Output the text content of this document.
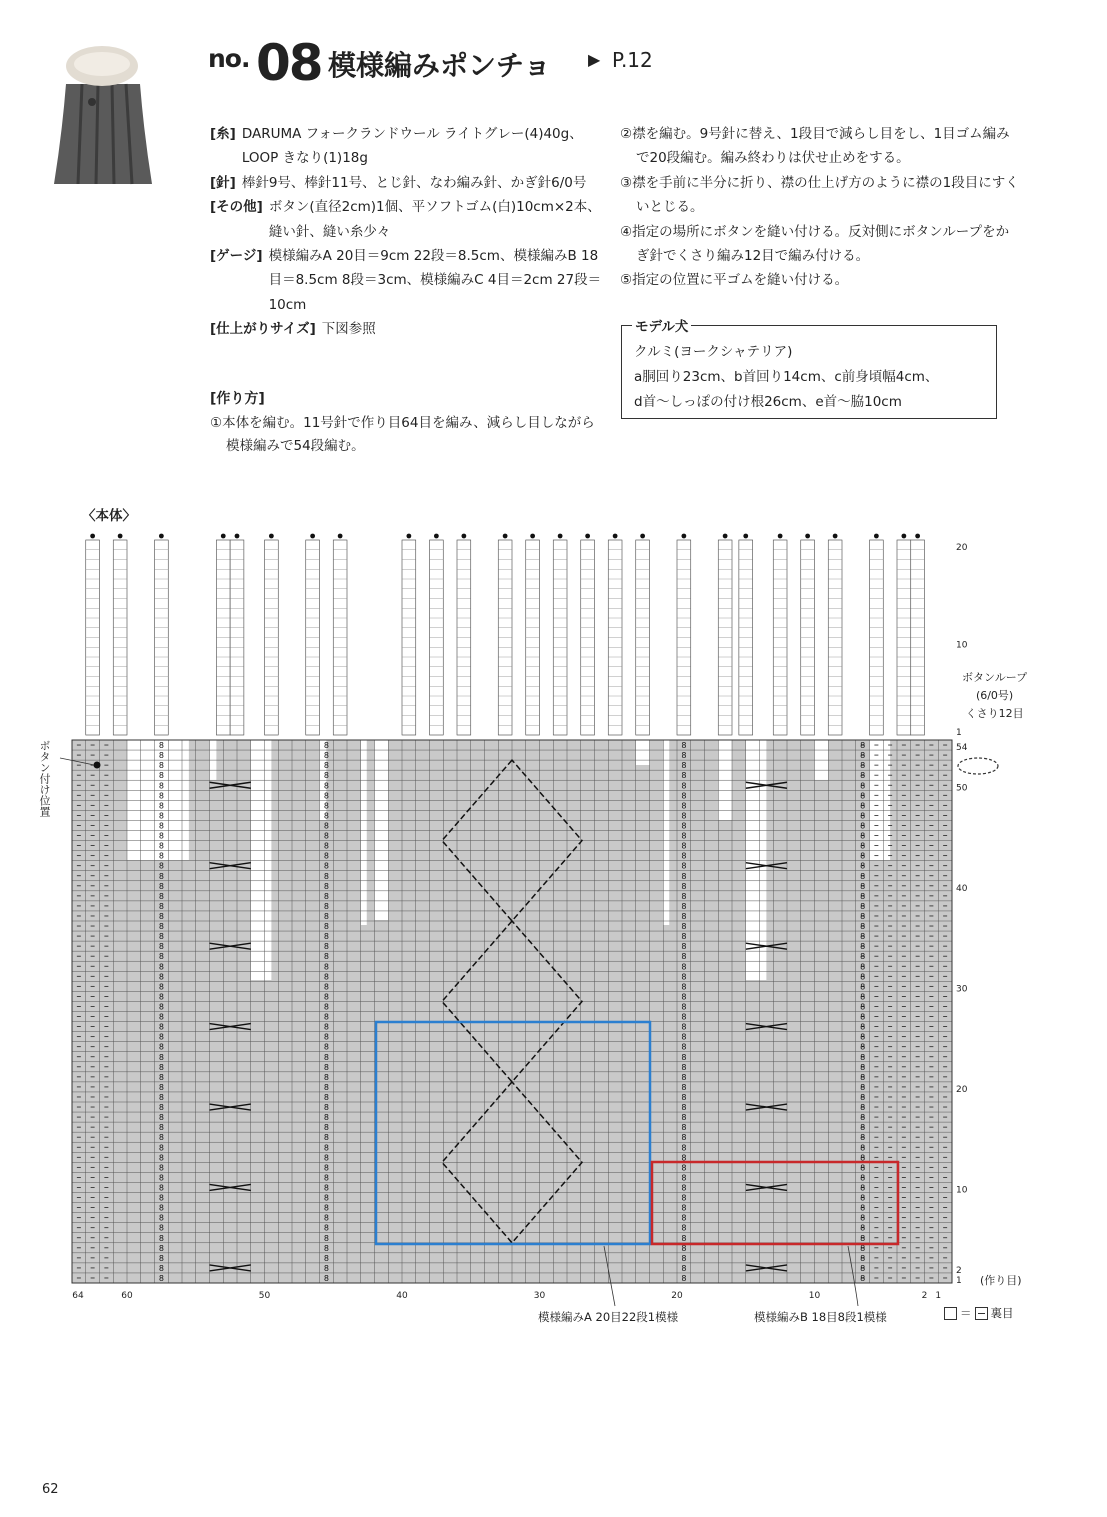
no. 08 模様編みポンチョ ▶ P.12
[糸] DARUMA フォークランドウール ライトグレー(4)40g、LOOP きなり(1)18g
[針] 棒針9号、棒針11号、とじ針、なわ編み針、かぎ針6/0号
[その他] ボタン(直径2cm)1個、平ソフトゴム(白)10cm×2本、縫い針、縫い糸少々
[ゲージ] 模様編みA 20目＝9cm 22段＝8.5cm、模様編みB 18目＝8.5cm 8段＝3cm、模様編みC 4目＝2cm 27段＝10cm
[仕上がりサイズ] 下図参照
[作り方]
①本体を編む。11号針で作り目64目を編み、減らし目しながら模様編みで54段編む。
②襟を編む。9号針に替え、1段目で減らし目をし、1目ゴム編みで20段編む。編み終わりは伏せ止めをする。
③襟を手前に半分に折り、襟の仕上げ方のように襟の1段目にすくいとじる。
④指定の場所にボタンを縫い付ける。反対側にボタンループをかぎ針でくさり編み12目で編み付ける。
⑤指定の位置に平ゴムを縫い付ける。
モデル犬
クルミ(ヨークシャテリア)
a胴回り23cm、b首回り14cm、c前身頃幅4cm、
d首〜しっぽの付け根26cm、e首〜脇10cm
〈本体〉
8
8
8
8
8
8
8
8
8
8
8
8
8
8
8
8
8
8
8
8
8
8
8
8
8
8
8
8
8
8
8
8
8
8
8
8
8
8
8
8
8
8
8
8
8
8
8
8
8
8
8
8
8
8
8
8
8
8
8
8
8
8
8
8
8
8
8
8
8
8
8
8
8
8
8
8
8
8
8
8
8
8
8
8
8
8
8
8
8
8
8
8
8
8
8
8
8
8
8
8
8
8
8
8
8
8
8
8
8
8
8
8
8
8
8
8
8
8
8
8
8
8
8
8
8
8
8
8
8
8
8
8
8
8
8
8
8
8
8
8
8
8
8
8
8
8
8
8
8
8
8
8
8
8
8
8
8
8
8
8
8
8
8
8
8
8
8
8
8
8
8
8
8
8
8
8
8
8
8
8
8
8
8
8
8
8
8
8
8
8
8
8
8
8
8
8
8
8
8
8
8
8
8
8
8
8
8
8
8
8
8
8
8
8
8
8
64	60	50	40	30	20	10	2 1
54
50
40
30
20
10
2
1
20
10
1
ボタン付け位置
ボタンループ
(6/0号)
くさり12目
(作り目)
模様編みA 20目22段1模様	模様編みB 18目8段1模様	＝ 裏目
62
